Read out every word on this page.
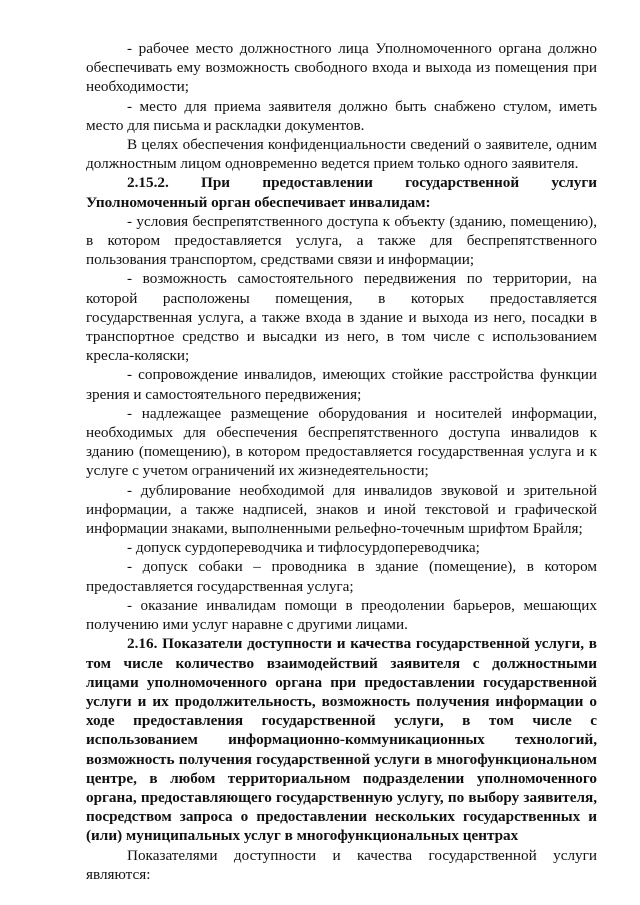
- рабочее место должностного лица Уполномоченного органа должно обеспечивать ему возможность свободного входа и выхода из помещения при необходимости;

- место для приема заявителя должно быть снабжено стулом, иметь место для письма и раскладки документов.

В целях обеспечения конфиденциальности сведений о заявителе, одним должностным лицом одновременно ведется прием только одного заявителя.

2.15.2. При предоставлении государственной услуги Уполномоченный орган обеспечивает инвалидам:

- условия беспрепятственного доступа к объекту (зданию, помещению), в котором предоставляется услуга, а также для беспрепятственного пользования транспортом, средствами связи и информации;

- возможность самостоятельного передвижения по территории, на которой расположены помещения, в которых предоставляется государственная услуга, а также входа в здание и выхода из него, посадки в транспортное средство и высадки из него, в том числе с использованием кресла-коляски;

- сопровождение инвалидов, имеющих стойкие расстройства функции зрения и самостоятельного передвижения;

- надлежащее размещение оборудования и носителей информации, необходимых для обеспечения беспрепятственного доступа инвалидов к зданию (помещению), в котором предоставляется государственная услуга и к услуге с учетом ограничений их жизнедеятельности;

- дублирование необходимой для инвалидов звуковой и зрительной информации, а также надписей, знаков и иной текстовой и графической информации знаками, выполненными рельефно-точечным шрифтом Брайля;

- допуск сурдопереводчика и тифлосурдопереводчика;

- допуск собаки – проводника в здание (помещение), в котором предоставляется государственная услуга;

- оказание инвалидам помощи в преодолении барьеров, мешающих получению ими услуг наравне с другими лицами.

2.16. Показатели доступности и качества государственной услуги, в том числе количество взаимодействий заявителя с должностными лицами уполномоченного органа при предоставлении государственной услуги и их продолжительность, возможность получения информации о ходе предоставления государственной услуги, в том числе с использованием информационно-коммуникационных технологий, возможность получения государственной услуги в многофункциональном центре, в любом территориальном подразделении уполномоченного органа, предоставляющего государственную услугу, по выбору заявителя, посредством запроса о предоставлении нескольких государственных и (или) муниципальных услуг в многофункциональных центрах

Показателями доступности и качества государственной услуги являются:
